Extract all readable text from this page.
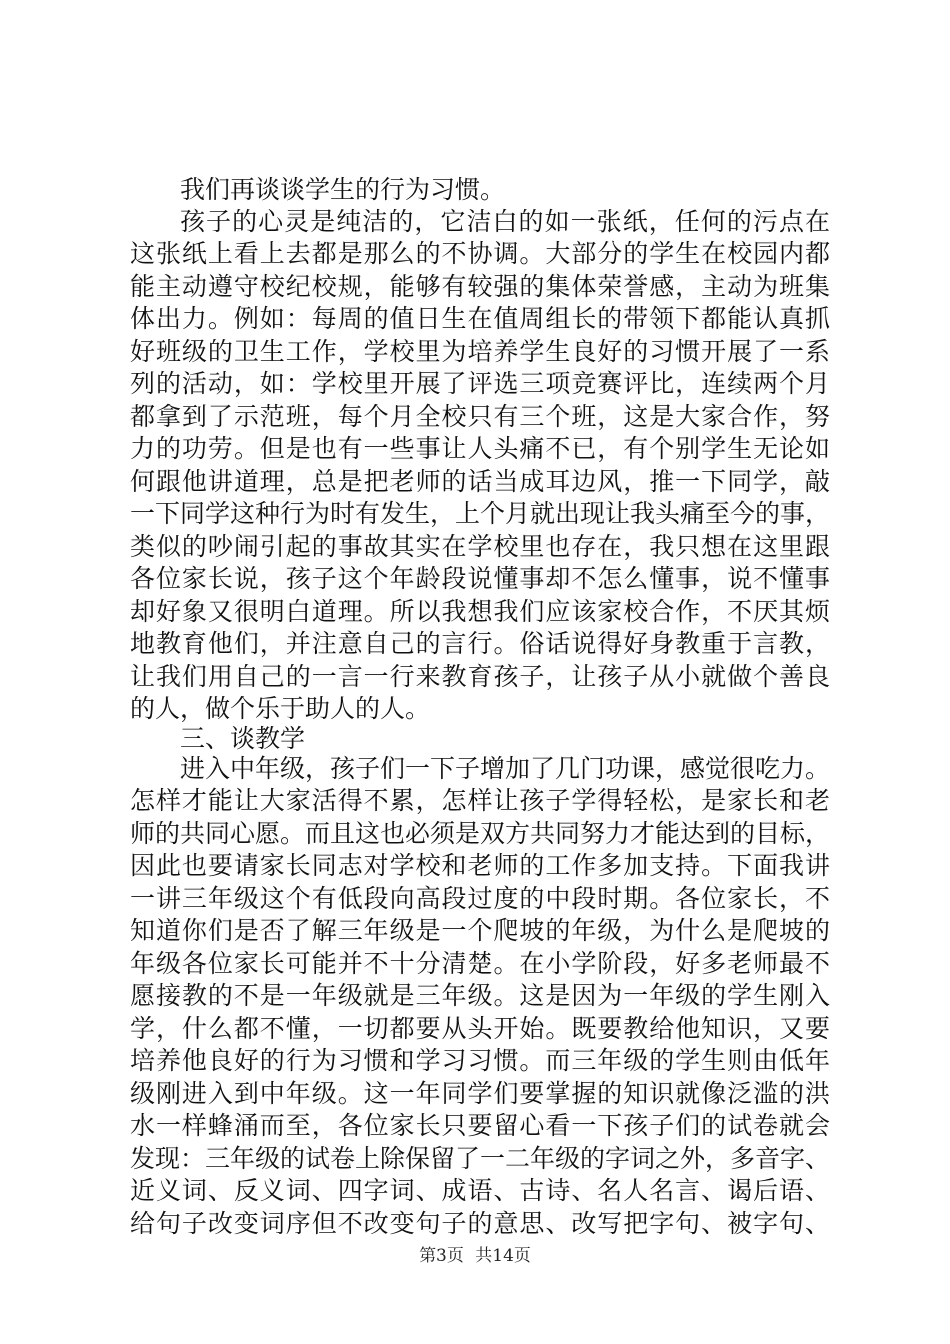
我们再谈谈学生的行为习惯。
孩子的心灵是纯洁的，它洁白的如一张纸，任何的污点在
这张纸上看上去都是那么的不协调。大部分的学生在校园内都
能主动遵守校纪校规，能够有较强的集体荣誉感，主动为班集
体出力。例如：每周的值日生在值周组长的带领下都能认真抓
好班级的卫生工作，学校里为培养学生良好的习惯开展了一系
列的活动，如：学校里开展了评选三项竞赛评比，连续两个月
都拿到了示范班，每个月全校只有三个班，这是大家合作，努
力的功劳。但是也有一些事让人头痛不已，有个别学生无论如
何跟他讲道理，总是把老师的话当成耳边风，推一下同学，敲
一下同学这种行为时有发生，上个月就出现让我头痛至今的事，
类似的吵闹引起的事故其实在学校里也存在，我只想在这里跟
各位家长说，孩子这个年龄段说懂事却不怎么懂事，说不懂事
却好象又很明白道理。所以我想我们应该家校合作，不厌其烦
地教育他们，并注意自己的言行。俗话说得好身教重于言教，
让我们用自己的一言一行来教育孩子，让孩子从小就做个善良
的人，做个乐于助人的人。
三、谈教学
进入中年级，孩子们一下子增加了几门功课，感觉很吃力。
怎样才能让大家活得不累，怎样让孩子学得轻松，是家长和老
师的共同心愿。而且这也必须是双方共同努力才能达到的目标，
因此也要请家长同志对学校和老师的工作多加支持。下面我讲
一讲三年级这个有低段向高段过度的中段时期。各位家长，不
知道你们是否了解三年级是一个爬坡的年级，为什么是爬坡的
年级各位家长可能并不十分清楚。在小学阶段，好多老师最不
愿接教的不是一年级就是三年级。这是因为一年级的学生刚入
学，什么都不懂，一切都要从头开始。既要教给他知识，又要
培养他良好的行为习惯和学习习惯。而三年级的学生则由低年
级刚进入到中年级。这一年同学们要掌握的知识就像泛滥的洪
水一样蜂涌而至，各位家长只要留心看一下孩子们的试卷就会
发现：三年级的试卷上除保留了一二年级的字词之外，多音字、
近义词、反义词、四字词、成语、古诗、名人名言、谒后语、
给句子改变词序但不改变句子的意思、改写把字句、被字句、
第3页 共14页
